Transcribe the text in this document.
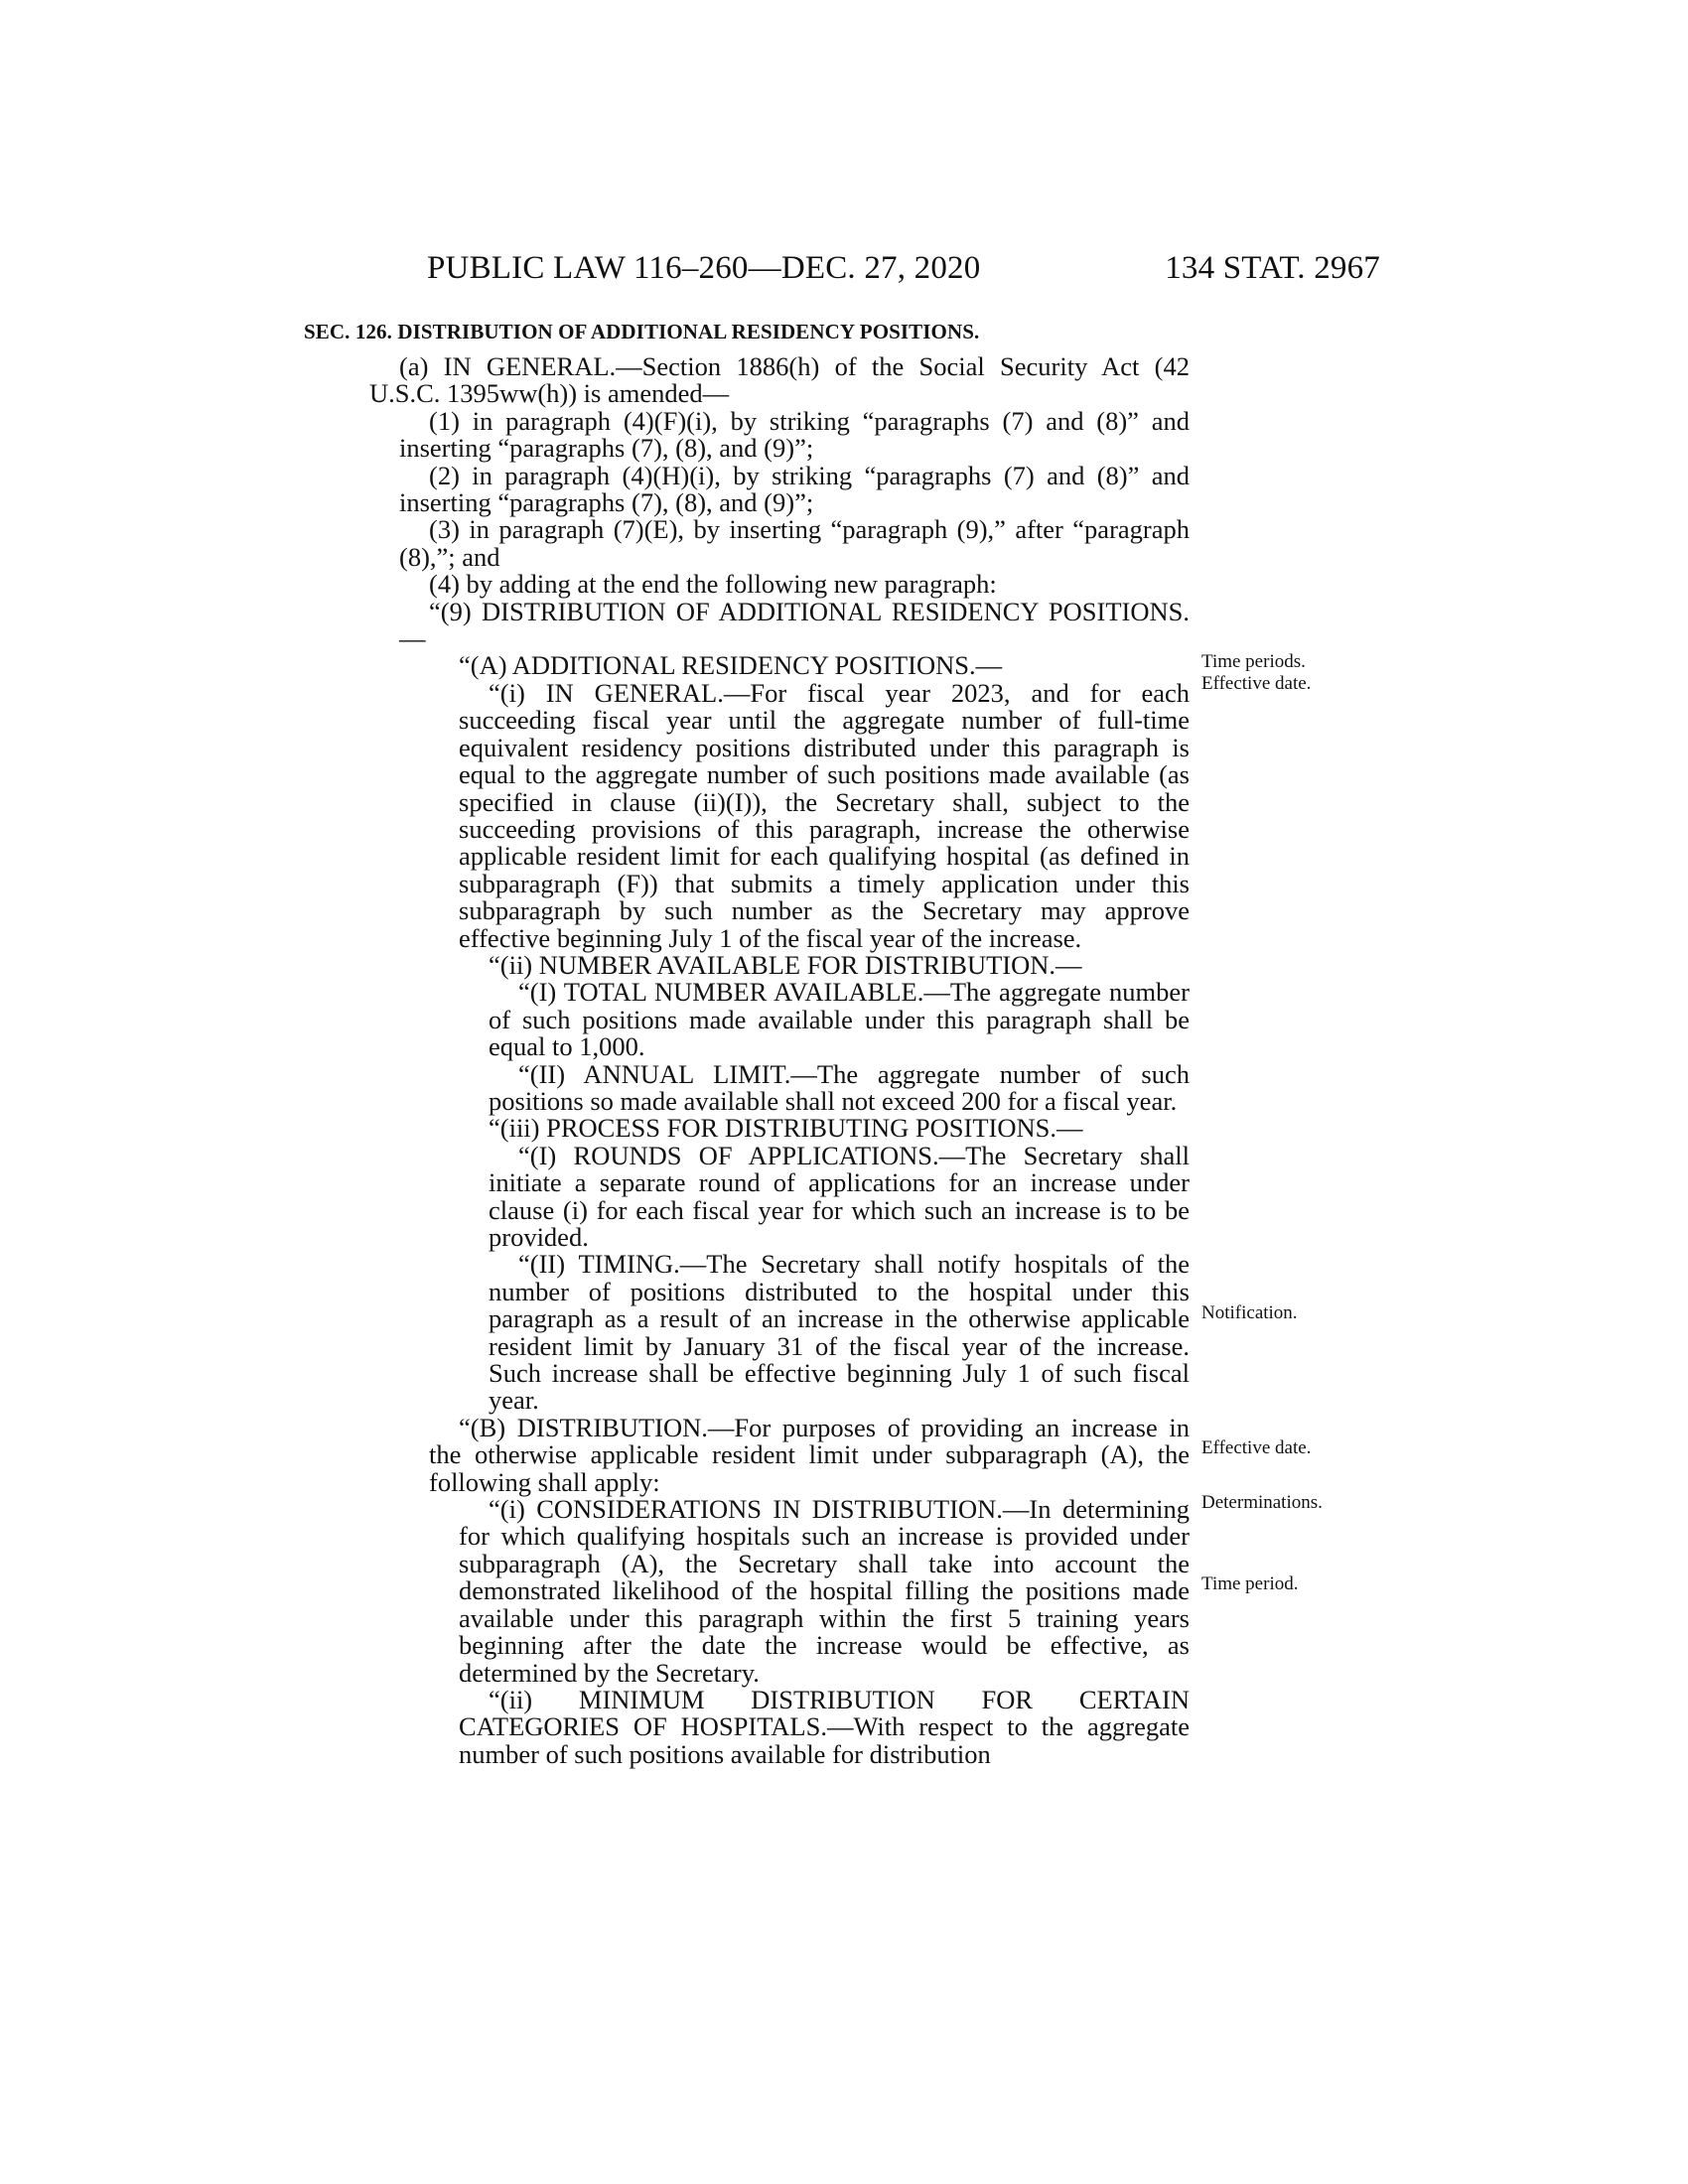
PUBLIC LAW 116–260—DEC. 27, 2020	134 STAT. 2967
SEC. 126. DISTRIBUTION OF ADDITIONAL RESIDENCY POSITIONS.

(a) IN GENERAL.—Section 1886(h) of the Social Security Act (42 U.S.C. 1395ww(h)) is amended—

(1) in paragraph (4)(F)(i), by striking “paragraphs (7) and (8)” and inserting “paragraphs (7), (8), and (9)”;

(2) in paragraph (4)(H)(i), by striking “paragraphs (7) and (8)” and inserting “paragraphs (7), (8), and (9)”;

(3) in paragraph (7)(E), by inserting “paragraph (9),” after “paragraph (8),”; and

(4) by adding at the end the following new paragraph:

“(9) DISTRIBUTION OF ADDITIONAL RESIDENCY POSITIONS.—

“(A) ADDITIONAL RESIDENCY POSITIONS.—

“(i) IN GENERAL.—For fiscal year 2023, and for each succeeding fiscal year until the aggregate number of full-time equivalent residency positions distributed under this paragraph is equal to the aggregate number of such positions made available (as specified in clause (ii)(I)), the Secretary shall, subject to the succeeding provisions of this paragraph, increase the otherwise applicable resident limit for each qualifying hospital (as defined in subparagraph (F)) that submits a timely application under this subparagraph by such number as the Secretary may approve effective beginning July 1 of the fiscal year of the increase.

“(ii) NUMBER AVAILABLE FOR DISTRIBUTION.—

“(I) TOTAL NUMBER AVAILABLE.—The aggregate number of such positions made available under this paragraph shall be equal to 1,000.

“(II) ANNUAL LIMIT.—The aggregate number of such positions so made available shall not exceed 200 for a fiscal year.

“(iii) PROCESS FOR DISTRIBUTING POSITIONS.—

“(I) ROUNDS OF APPLICATIONS.—The Secretary shall initiate a separate round of applications for an increase under clause (i) for each fiscal year for which such an increase is to be provided.

“(II) TIMING.—The Secretary shall notify hospitals of the number of positions distributed to the hospital under this paragraph as a result of an increase in the otherwise applicable resident limit by January 31 of the fiscal year of the increase. Such increase shall be effective beginning July 1 of such fiscal year.

“(B) DISTRIBUTION.—For purposes of providing an increase in the otherwise applicable resident limit under subparagraph (A), the following shall apply:

“(i) CONSIDERATIONS IN DISTRIBUTION.—In determining for which qualifying hospitals such an increase is provided under subparagraph (A), the Secretary shall take into account the demonstrated likelihood of the hospital filling the positions made available under this paragraph within the first 5 training years beginning after the date the increase would be effective, as determined by the Secretary.

“(ii) MINIMUM DISTRIBUTION FOR CERTAIN CATEGORIES OF HOSPITALS.—With respect to the aggregate number of such positions available for distribution

Time periods.
Effective date.
Notification.
Effective date.
Determinations.
Time period.
